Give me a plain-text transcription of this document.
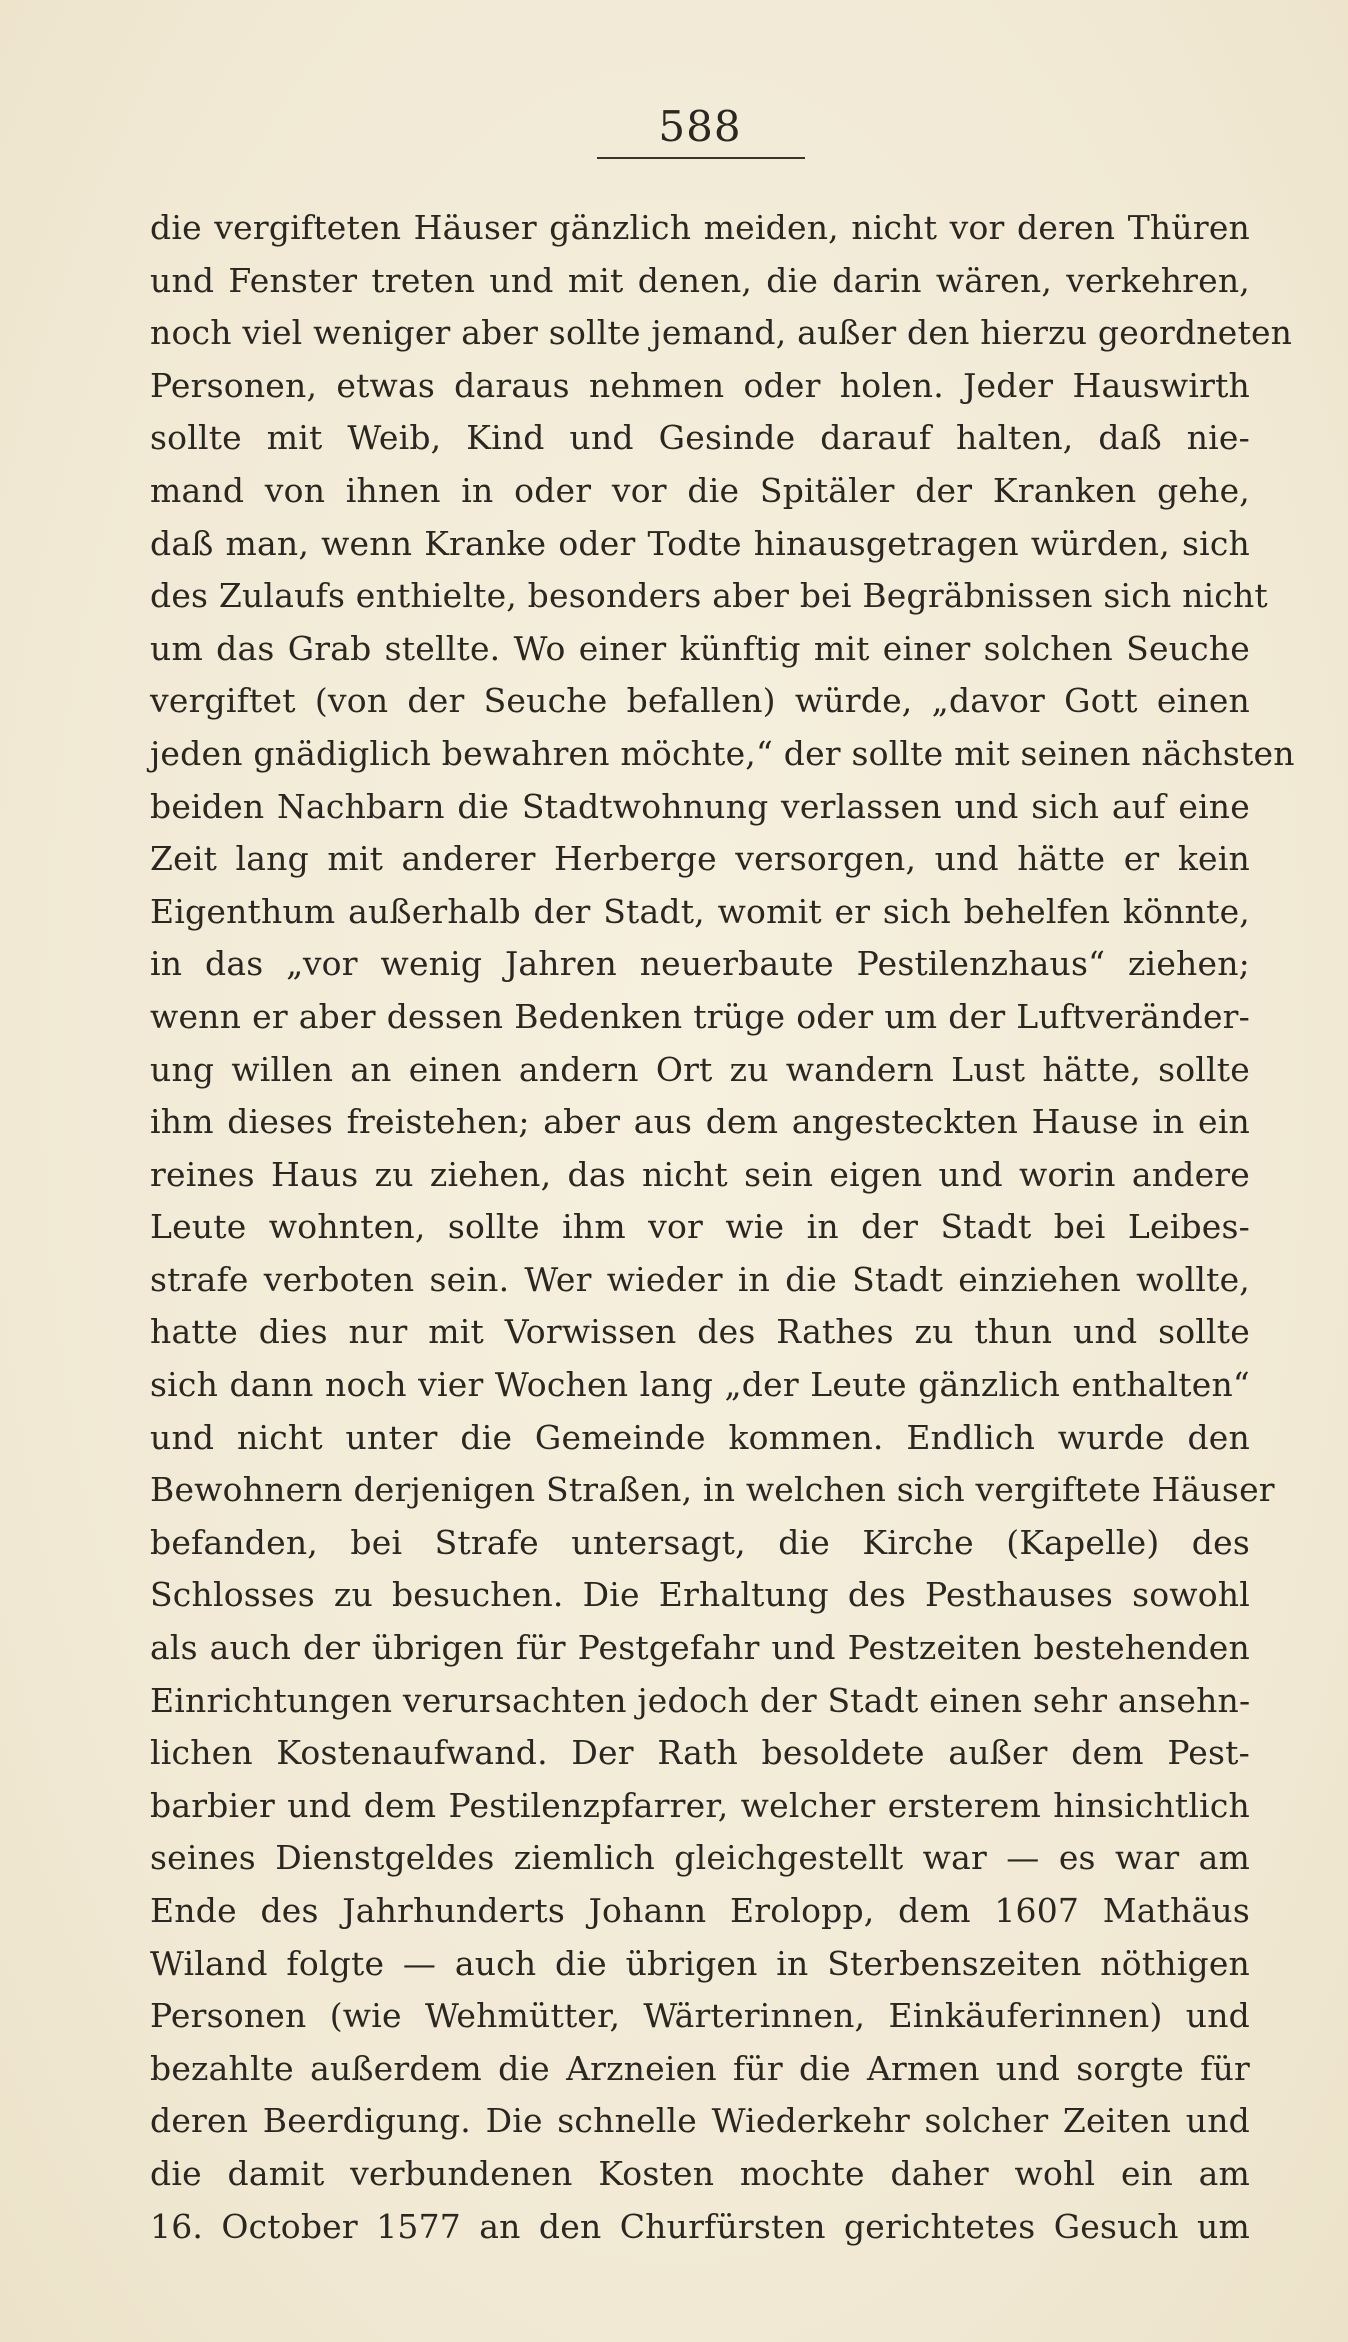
588
die vergifteten Häuser gänzlich meiden, nicht vor deren Thüren
und Fenster treten und mit denen, die darin wären, verkehren,
noch viel weniger aber sollte jemand, außer den hierzu geordneten
Personen, etwas daraus nehmen oder holen. Jeder Hauswirth
sollte mit Weib, Kind und Gesinde darauf halten, daß nie-
mand von ihnen in oder vor die Spitäler der Kranken gehe,
daß man, wenn Kranke oder Todte hinausgetragen würden, sich
des Zulaufs enthielte, besonders aber bei Begräbnissen sich nicht
um das Grab stellte. Wo einer künftig mit einer solchen Seuche
vergiftet (von der Seuche befallen) würde, „davor Gott einen
jeden gnädiglich bewahren möchte,“ der sollte mit seinen nächsten
beiden Nachbarn die Stadtwohnung verlassen und sich auf eine
Zeit lang mit anderer Herberge versorgen, und hätte er kein
Eigenthum außerhalb der Stadt, womit er sich behelfen könnte,
in das „vor wenig Jahren neuerbaute Pestilenzhaus“ ziehen;
wenn er aber dessen Bedenken trüge oder um der Luftveränder-
ung willen an einen andern Ort zu wandern Lust hätte, sollte
ihm dieses freistehen; aber aus dem angesteckten Hause in ein
reines Haus zu ziehen, das nicht sein eigen und worin andere
Leute wohnten, sollte ihm vor wie in der Stadt bei Leibes-
strafe verboten sein. Wer wieder in die Stadt einziehen wollte,
hatte dies nur mit Vorwissen des Rathes zu thun und sollte
sich dann noch vier Wochen lang „der Leute gänzlich enthalten“
und nicht unter die Gemeinde kommen. Endlich wurde den
Bewohnern derjenigen Straßen, in welchen sich vergiftete Häuser
befanden, bei Strafe untersagt, die Kirche (Kapelle) des
Schlosses zu besuchen. Die Erhaltung des Pesthauses sowohl
als auch der übrigen für Pestgefahr und Pestzeiten bestehenden
Einrichtungen verursachten jedoch der Stadt einen sehr ansehn-
lichen Kostenaufwand. Der Rath besoldete außer dem Pest-
barbier und dem Pestilenzpfarrer, welcher ersterem hinsichtlich
seines Dienstgeldes ziemlich gleichgestellt war — es war am
Ende des Jahrhunderts Johann Erolopp, dem 1607 Mathäus
Wiland folgte — auch die übrigen in Sterbenszeiten nöthigen
Personen (wie Wehmütter, Wärterinnen, Einkäuferinnen) und
bezahlte außerdem die Arzneien für die Armen und sorgte für
deren Beerdigung. Die schnelle Wiederkehr solcher Zeiten und
die damit verbundenen Kosten mochte daher wohl ein am
16. October 1577 an den Churfürsten gerichtetes Gesuch um
